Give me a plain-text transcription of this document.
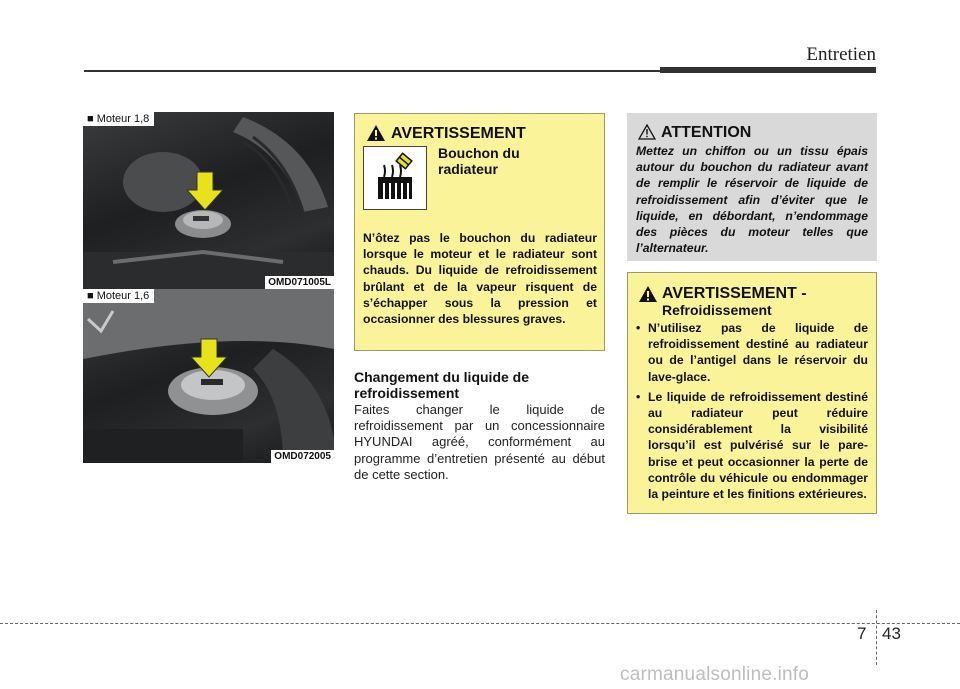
Entretien
■ Moteur 1,8
OMD071005L
■ Moteur 1,6
OMD072005
AVERTISSEMENT
Bouchon du
radiateur
N’ôtez pas le bouchon du radiateur lorsque le moteur et le radiateur sont chauds. Du liquide de refroidissement brûlant et de la vapeur risquent de s’échapper sous la pression et occasionner des blessures graves.
Changement du liquide de refroidissement
Faites changer le liquide de refroidissement par un concessionnaire HYUNDAI agréé, conformément au programme d’entretien présenté au début de cette section.
ATTENTION
Mettez un chiffon ou un tissu épais autour du bouchon du radiateur avant de remplir le réservoir de liquide de refroidissement afin d’éviter que le liquide, en débordant, n’endommage des pièces du moteur telles que l’alternateur.
AVERTISSEMENT -
Refroidissement
• N’utilisez pas de liquide de refroidissement destiné au radiateur ou de l’antigel dans le réservoir du lave-glace.
• Le liquide de refroidissement destiné au radiateur peut réduire considérablement la visibilité lorsqu’il est pulvérisé sur le pare-brise et peut occasionner la perte de contrôle du véhicule ou endommager la peinture et les finitions extérieures.
7 43
carmanualsonline.info
